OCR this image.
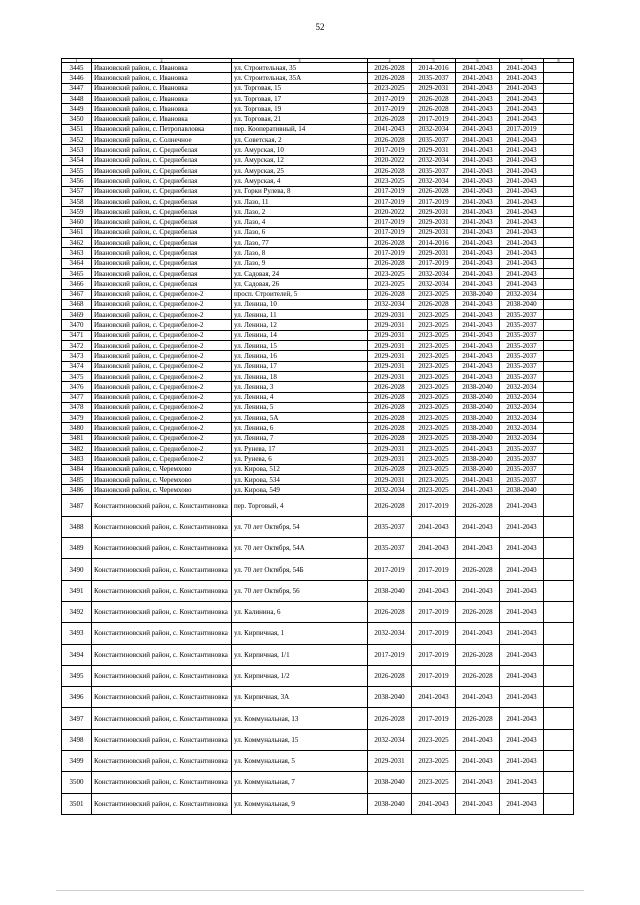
52
1	2	3	4	5	6	7	8
3445	Ивановский район, с. Ивановка	ул. Строительная, 35	2026-2028	2014-2016	2041-2043	2041-2043	
3446	Ивановский район, с. Ивановка	ул. Строительная, 35А	2026-2028	2035-2037	2041-2043	2041-2043	
3447	Ивановский район, с. Ивановка	ул. Торговая, 15	2023-2025	2029-2031	2041-2043	2041-2043	
3448	Ивановский район, с. Ивановка	ул. Торговая, 17	2017-2019	2026-2028	2041-2043	2041-2043	
3449	Ивановский район, с. Ивановка	ул. Торговая, 19	2017-2019	2026-2028	2041-2043	2041-2043	
3450	Ивановский район, с. Ивановка	ул. Торговая, 21	2026-2028	2017-2019	2041-2043	2041-2043	
3451	Ивановский район, с. Петропавловка	пер. Кооперативный, 14	2041-2043	2032-2034	2041-2043	2017-2019	
3452	Ивановский район, с. Солнечное	ул. Советская, 2	2026-2028	2035-2037	2041-2043	2041-2043	
3453	Ивановский район, с. Среднебелая	ул. Амурская, 10	2017-2019	2029-2031	2041-2043	2041-2043	
3454	Ивановский район, с. Среднебелая	ул. Амурская, 12	2020-2022	2032-2034	2041-2043	2041-2043	
3455	Ивановский район, с. Среднебелая	ул. Амурская, 25	2026-2028	2035-2037	2041-2043	2041-2043	
3456	Ивановский район, с. Среднебелая	ул. Амурская, 4	2023-2025	2032-2034	2041-2043	2041-2043	
3457	Ивановский район, с. Среднебелая	ул. Горки Рулева, 8	2017-2019	2026-2028	2041-2043	2041-2043	
3458	Ивановский район, с. Среднебелая	ул. Лазо, 11	2017-2019	2017-2019	2041-2043	2041-2043	
3459	Ивановский район, с. Среднебелая	ул. Лазо, 2	2020-2022	2029-2031	2041-2043	2041-2043	
3460	Ивановский район, с. Среднебелая	ул. Лазо, 4	2017-2019	2029-2031	2041-2043	2041-2043	
3461	Ивановский район, с. Среднебелая	ул. Лазо, 6	2017-2019	2029-2031	2041-2043	2041-2043	
3462	Ивановский район, с. Среднебелая	ул. Лазо, 77	2026-2028	2014-2016	2041-2043	2041-2043	
3463	Ивановский район, с. Среднебелая	ул. Лазо, 8	2017-2019	2029-2031	2041-2043	2041-2043	
3464	Ивановский район, с. Среднебелая	ул. Лазо, 9	2026-2028	2017-2019	2041-2043	2041-2043	
3465	Ивановский район, с. Среднебелая	ул. Садовая, 24	2023-2025	2032-2034	2041-2043	2041-2043	
3466	Ивановский район, с. Среднебелая	ул. Садовая, 26	2023-2025	2032-2034	2041-2043	2041-2043	
3467	Ивановский район, с. Среднебелое-2	просп. Строителей, 5	2026-2028	2023-2025	2038-2040	2032-2034	
3468	Ивановский район, с. Среднебелое-2	ул. Ленина, 10	2032-2034	2026-2028	2041-2043	2038-2040	
3469	Ивановский район, с. Среднебелое-2	ул. Ленина, 11	2029-2031	2023-2025	2041-2043	2035-2037	
3470	Ивановский район, с. Среднебелое-2	ул. Ленина, 12	2029-2031	2023-2025	2041-2043	2035-2037	
3471	Ивановский район, с. Среднебелое-2	ул. Ленина, 14	2029-2031	2023-2025	2041-2043	2035-2037	
3472	Ивановский район, с. Среднебелое-2	ул. Ленина, 15	2029-2031	2023-2025	2041-2043	2035-2037	
3473	Ивановский район, с. Среднебелое-2	ул. Ленина, 16	2029-2031	2023-2025	2041-2043	2035-2037	
3474	Ивановский район, с. Среднебелое-2	ул. Ленина, 17	2029-2031	2023-2025	2041-2043	2035-2037	
3475	Ивановский район, с. Среднебелое-2	ул. Ленина, 18	2029-2031	2023-2025	2041-2043	2035-2037	
3476	Ивановский район, с. Среднебелое-2	ул. Ленина, 3	2026-2028	2023-2025	2038-2040	2032-2034	
3477	Ивановский район, с. Среднебелое-2	ул. Ленина, 4	2026-2028	2023-2025	2038-2040	2032-2034	
3478	Ивановский район, с. Среднебелое-2	ул. Ленина, 5	2026-2028	2023-2025	2038-2040	2032-2034	
3479	Ивановский район, с. Среднебелое-2	ул. Ленина, 5А	2026-2028	2023-2025	2038-2040	2032-2034	
3480	Ивановский район, с. Среднебелое-2	ул. Ленина, 6	2026-2028	2023-2025	2038-2040	2032-2034	
3481	Ивановский район, с. Среднебелое-2	ул. Ленина, 7	2026-2028	2023-2025	2038-2040	2032-2034	
3482	Ивановский район, с. Среднебелое-2	ул. Рунева, 17	2029-2031	2023-2025	2041-2043	2035-2037	
3483	Ивановский район, с. Среднебелое-2	ул. Рунева, 6	2029-2031	2023-2025	2038-2040	2035-2037	
3484	Ивановский район, с. Черемхово	ул. Кирова, 512	2026-2028	2023-2025	2038-2040	2035-2037	
3485	Ивановский район, с. Черемхово	ул. Кирова, 534	2029-2031	2023-2025	2041-2043	2035-2037	
3486	Ивановский район, с. Черемхово	ул. Кирова, 549	2032-2034	2023-2025	2041-2043	2038-2040	
3487	Константиновский район, с. Константиновка	пер. Торговый, 4	2026-2028	2017-2019	2026-2028	2041-2043	
3488	Константиновский район, с. Константиновка	ул. 70 лет Октября, 54	2035-2037	2041-2043	2041-2043	2041-2043	
3489	Константиновский район, с. Константиновка	ул. 70 лет Октября, 54А	2035-2037	2041-2043	2041-2043	2041-2043	
3490	Константиновский район, с. Константиновка	ул. 70 лет Октября, 54Б	2017-2019	2017-2019	2026-2028	2041-2043	
3491	Константиновский район, с. Константиновка	ул. 70 лет Октября, 56	2038-2040	2041-2043	2041-2043	2041-2043	
3492	Константиновский район, с. Константиновка	ул. Калинина, 6	2026-2028	2017-2019	2026-2028	2041-2043	
3493	Константиновский район, с. Константиновка	ул. Кирпичная, 1	2032-2034	2017-2019	2041-2043	2041-2043	
3494	Константиновский район, с. Константиновка	ул. Кирпичная, 1/1	2017-2019	2017-2019	2026-2028	2041-2043	
3495	Константиновский район, с. Константиновка	ул. Кирпичная, 1/2	2026-2028	2017-2019	2026-2028	2041-2043	
3496	Константиновский район, с. Константиновка	ул. Кирпичная, 3А	2038-2040	2041-2043	2041-2043	2041-2043	
3497	Константиновский район, с. Константиновка	ул. Коммунальная, 13	2026-2028	2017-2019	2026-2028	2041-2043	
3498	Константиновский район, с. Константиновка	ул. Коммунальная, 15	2032-2034	2023-2025	2041-2043	2041-2043	
3499	Константиновский район, с. Константиновка	ул. Коммунальная, 5	2029-2031	2023-2025	2041-2043	2041-2043	
3500	Константиновский район, с. Константиновка	ул. Коммунальная, 7	2038-2040	2023-2025	2041-2043	2041-2043	
3501	Константиновский район, с. Константиновка	ул. Коммунальная, 9	2038-2040	2041-2043	2041-2043	2041-2043	
